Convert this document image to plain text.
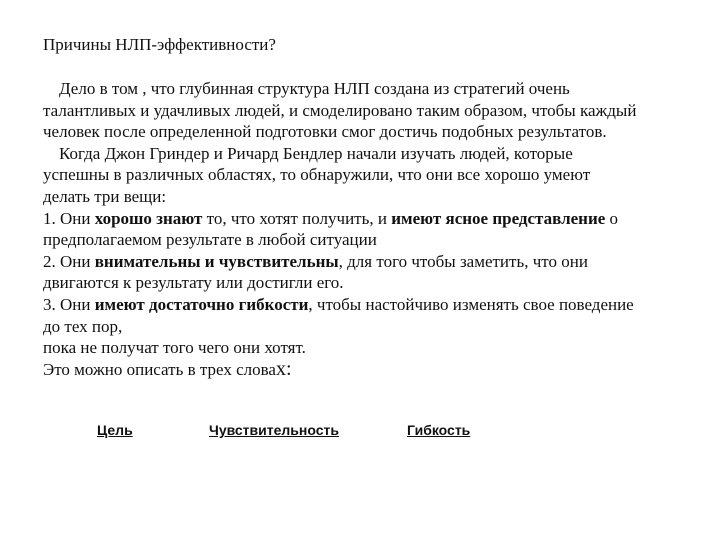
Причины НЛП-эффективности?
Дело в том , что глубинная структура НЛП создана из стратегий очень
талантливых и удачливых людей, и смоделировано таким образом, чтобы каждый
человек после определенной подготовки смог достичь подобных результатов.
Когда Джон Гриндер и Ричард Бендлер начали изучать людей, которые
успешны в различных областях, то обнаружили, что они все хорошо умеют
делать три вещи:
1. Они хорошо знают то, что хотят получить, и имеют ясное представление о
предполагаемом результате в любой ситуации
2. Они внимательны и чувствительны, для того чтобы заметить, что они
двигаются к результату или достигли его.
3. Они имеют достаточно гибкости, чтобы настойчиво изменять свое поведение
до тех пор,
пока не получат того чего они хотят.
Это можно описать в трех словах:
Цель	Чувствительность	Гибкость
